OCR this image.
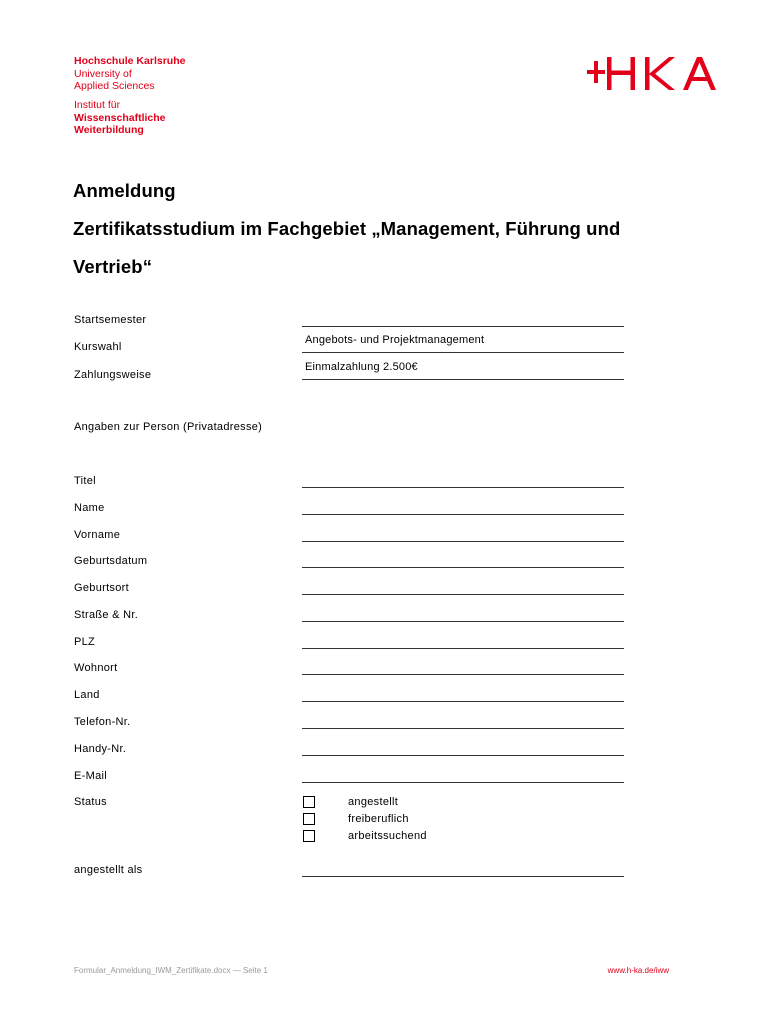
Hochschule Karlsruhe
University of
Applied Sciences
Institut für
Wissenschaftliche
Weiterbildung
Anmeldung
Zertifikatsstudium im Fachgebiet „Management, Führung und
Vertrieb“
Startsemester
Angebots- und Projektmanagement
Kurswahl
Einmalzahlung 2.500€
Zahlungsweise
Angaben zur Person (Privatadresse)
Titel
Name
Vorname
Geburtsdatum
Geburtsort
Straße & Nr.
PLZ
Wohnort
Land
Telefon-Nr.
Handy-Nr.
E-Mail
Status	angestellt
freiberuflich
arbeitssuchend
angestellt als
Formular_Anmeldung_IWM_Zertifikate.docx — Seite 1	www.h-ka.de/iww
